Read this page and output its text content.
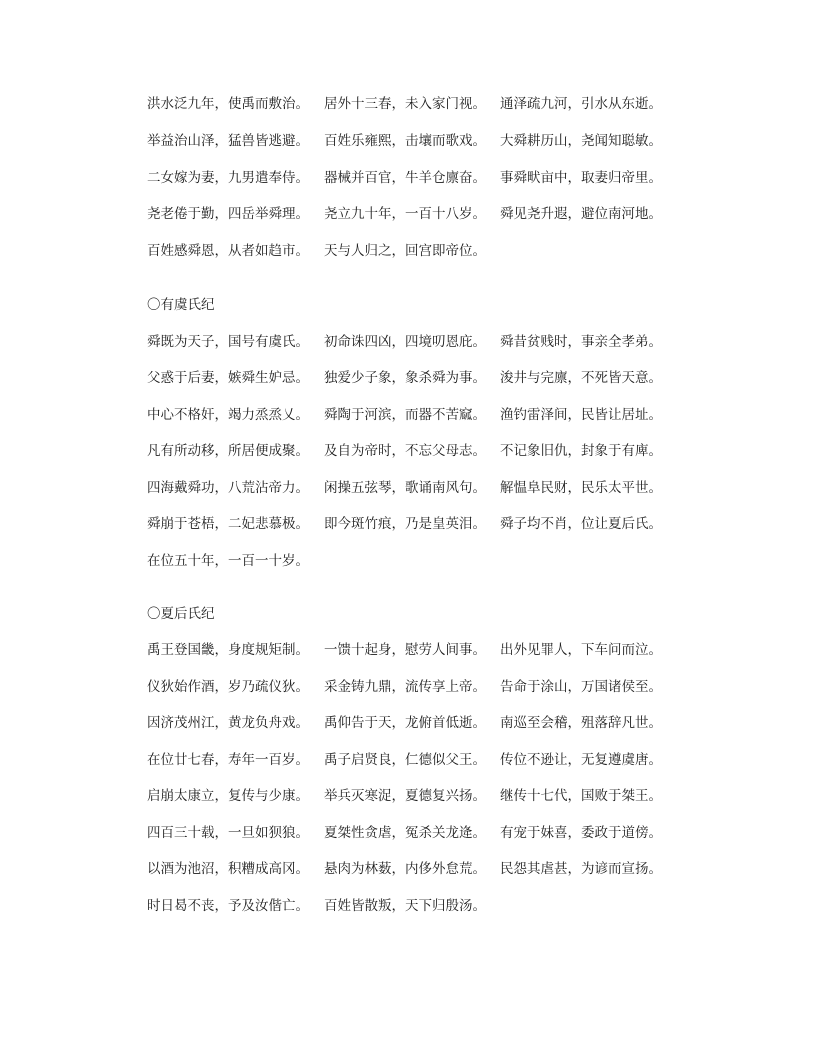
洪水泛九年，使禹而敷治。 居外十三春，未入家门视。 通泽疏九河，引水从东逝。
举益治山泽，猛兽皆逃避。 百姓乐雍熙，击壤而歌戏。 大舜耕历山，尧闻知聪敏。
二女嫁为妻，九男遣奉侍。 器械并百官，牛羊仓廪奋。 事舜畎亩中，取妻归帝里。
尧老倦于勤，四岳举舜理。 尧立九十年，一百十八岁。 舜见尧升遐，避位南河地。
百姓感舜恩，从者如趋市。 天与人归之，回宫即帝位。
〇有虞氏纪
舜既为天子，国号有虞氏。 初命诛四凶，四境叨恩庇。 舜昔贫贱时，事亲全孝弟。
父惑于后妻，嫉舜生妒忌。 独爱少子象，象杀舜为事。 浚井与完廪，不死皆天意。
中心不格奸，竭力烝烝乂。 舜陶于河滨，而器不苦窳。 渔钓雷泽间，民皆让居址。
凡有所动移，所居便成聚。 及自为帝时，不忘父母志。 不记象旧仇，封象于有庳。
四海戴舜功，八荒沾帝力。 闲操五弦琴，歌诵南风句。 解愠阜民财，民乐太平世。
舜崩于苍梧，二妃悲慕极。 即今斑竹痕，乃是皇英泪。 舜子均不肖，位让夏后氏。
在位五十年，一百一十岁。
〇夏后氏纪
禹王登国畿，身度规矩制。 一馈十起身，慰劳人间事。 出外见罪人，下车问而泣。
仪狄始作酒，岁乃疏仪狄。 采金铸九鼎，流传享上帝。 告命于涂山，万国诸侯至。
因济茂州江，黄龙负舟戏。 禹仰告于天，龙俯首低逝。 南巡至会稽，殂落辞凡世。
在位廿七春，寿年一百岁。 禹子启贤良，仁德似父王。 传位不逊让，无复遵虞唐。
启崩太康立，复传与少康。 举兵灭寒浞，夏德复兴扬。 继传十七代，国败于桀王。
四百三十载，一旦如狈狼。 夏桀性贪虐，冤杀关龙逄。 有宠于妹喜，委政于道傍。
以酒为池沼，积糟成高冈。 悬肉为林薮，内侈外怠荒。 民怨其虐甚，为谚而宣扬。
时日曷不丧，予及汝偕亡。 百姓皆散叛，天下归殷汤。
